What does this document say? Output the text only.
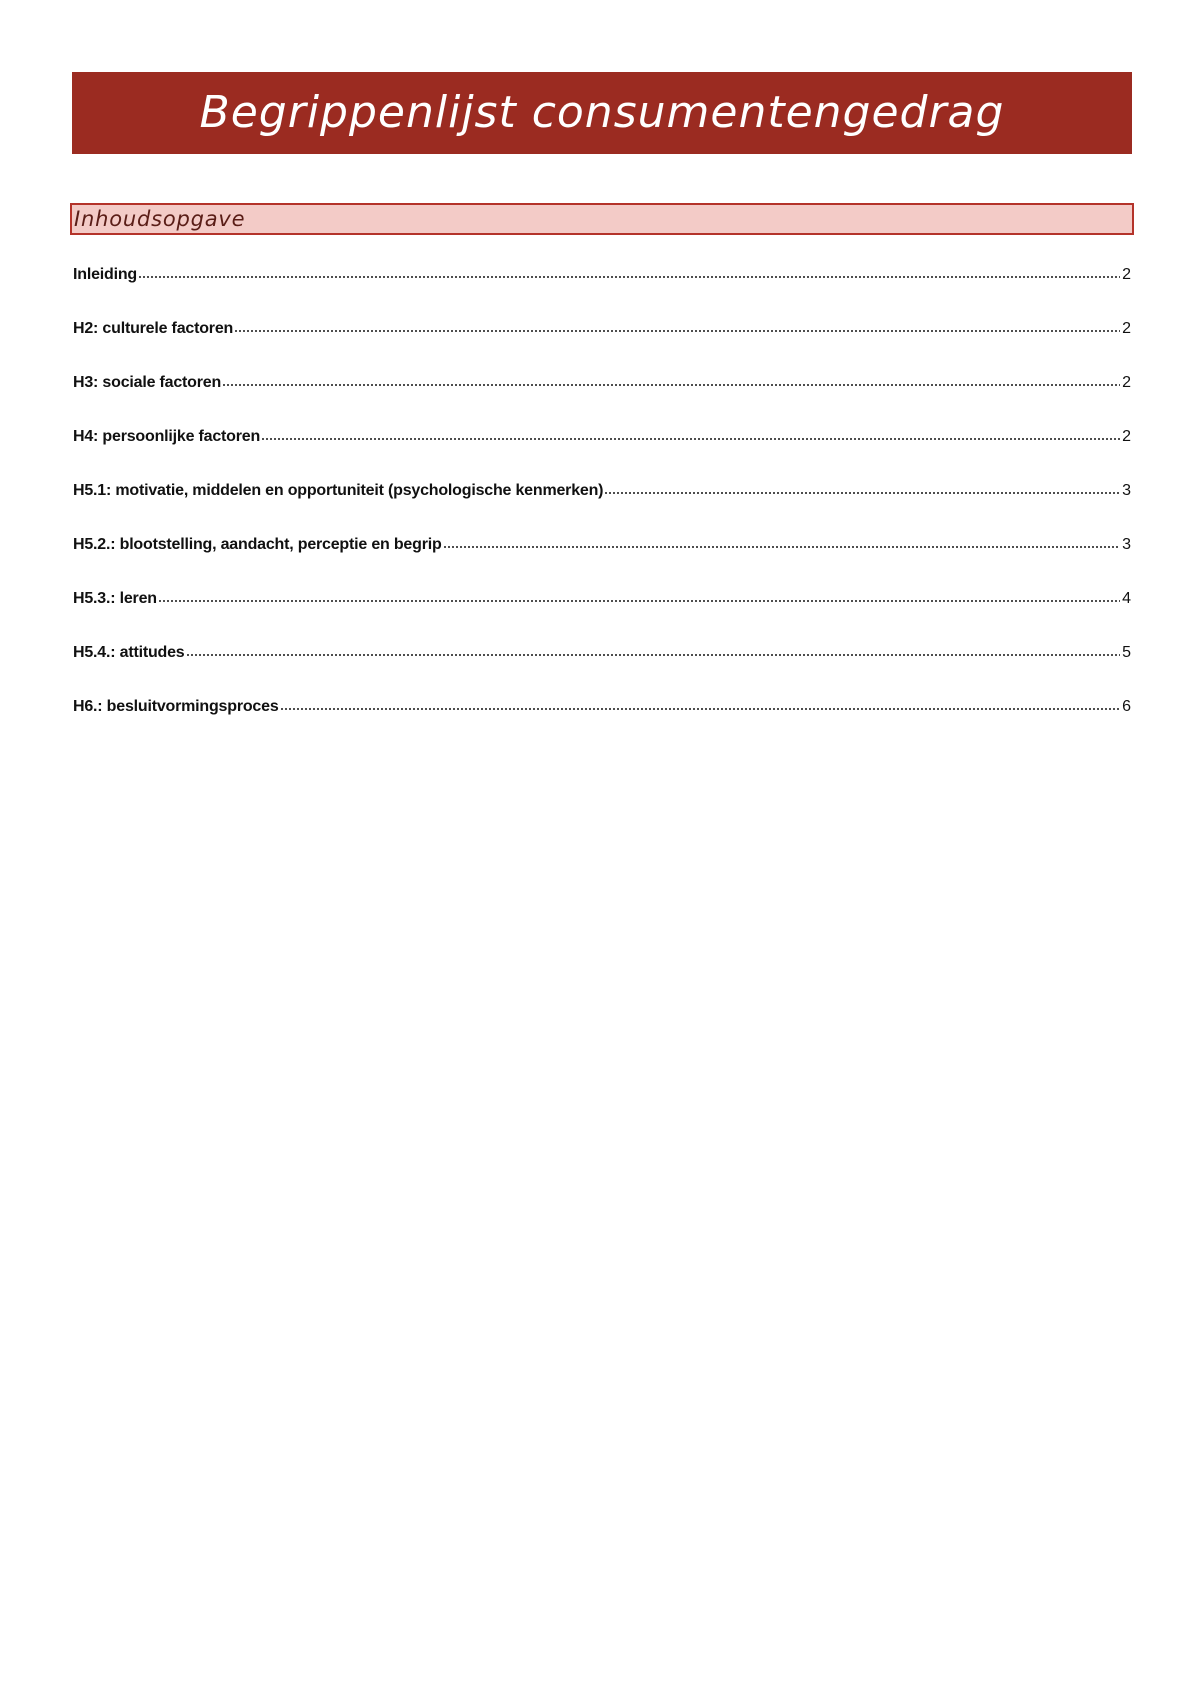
Begrippenlijst consumentengedrag
Inhoudsopgave
Inleiding	2
H2: culturele factoren	2
H3: sociale factoren	2
H4: persoonlijke factoren	2
H5.1: motivatie, middelen en opportuniteit (psychologische kenmerken)	3
H5.2.: blootstelling, aandacht, perceptie en begrip	3
H5.3.: leren	4
H5.4.: attitudes	5
H6.: besluitvormingsproces	6
